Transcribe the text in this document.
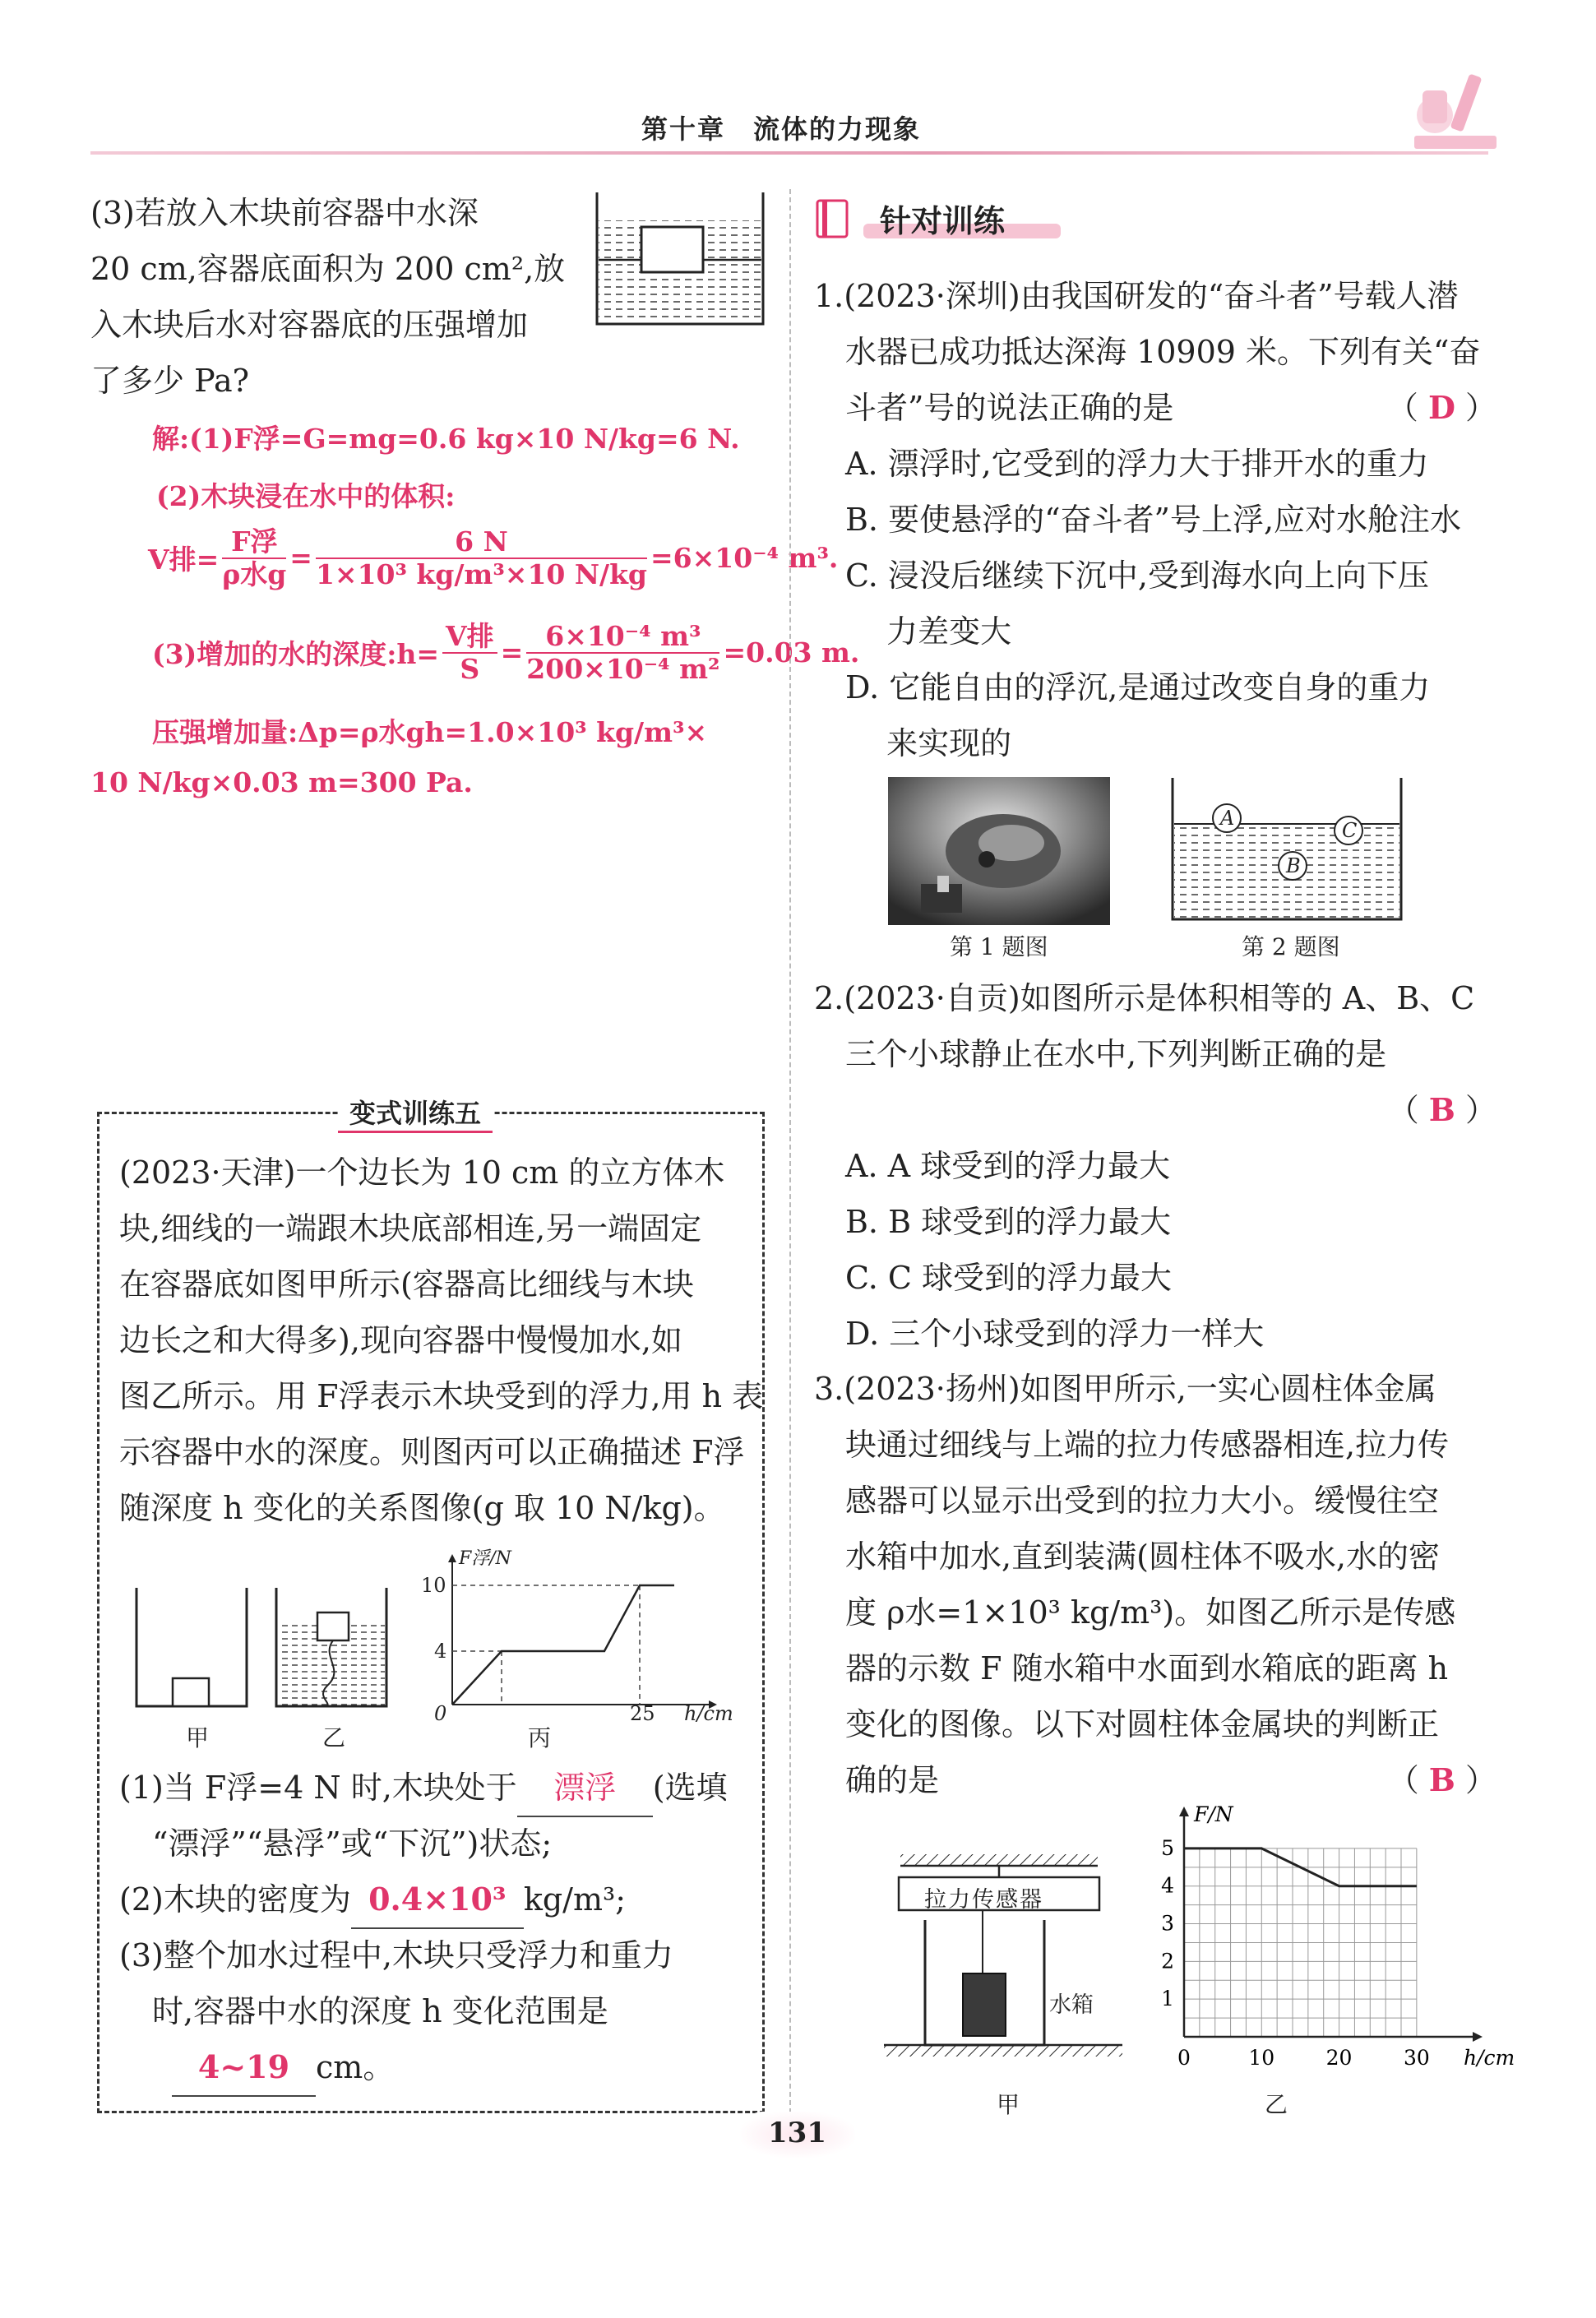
第十章　流体的力现象
(3)若放入木块前容器中水深
20 cm,容器底面积为 200 cm²,放
入木块后水对容器底的压强增加
了多少 Pa?
解:(1)F浮=G=mg=0.6 kg×10 N/kg=6 N.
(2)木块浸在水中的体积:
V排= $\frac{\text{F浮}}{\text{ρ水g}} = \frac{6 N}{\text{1×10³ kg/m³×10 N/kg}} =6\times 10^{-4}$ m³.
(3)增加的水的深度:h= $\frac{\text{V排}}{S} = \frac{\text{6×10⁻⁴ m³}}{\text{200×10⁻⁴ m²}} =0.03$ m.
压强增加量:Δp=ρ水gh=1.0×10³ kg/m³×
10 N/kg×0.03 m=300 Pa.
变式训练五
(2023·天津)一个边长为 10 cm 的立方体木
块,细线的一端跟木块底部相连,另一端固定
在容器底如图甲所示(容器高比细线与木块
边长之和大得多),现向容器中慢慢加水,如
图乙所示。用 F浮表示木块受到的浮力,用 h 表
示容器中水的深度。则图丙可以正确描述 F浮
随深度 h 变化的关系图像(g 取 10 N/kg)。
甲	乙
F浮/N
10
4
0	25 h/cm
丙
(1)当 F浮=4 N 时,木块处于 漂浮 (选填
“漂浮”“悬浮”或“下沉”)状态;
(2)木块的密度为 0.4×10³ kg/m³;
(3)整个加水过程中,木块只受浮力和重力
时,容器中水的深度 h 变化范围是
4~19 cm。
针对训练
1.(2023·深圳)由我国研发的“奋斗者”号载人潜
水器已成功抵达深海 10909 米。下列有关“奋
斗者”号的说法正确的是	（ D ）
A. 漂浮时,它受到的浮力大于排开水的重力
B. 要使悬浮的“奋斗者”号上浮,应对水舱注水
C. 浸没后继续下沉中,受到海水向上向下压
　 力差变大
D. 它能自由的浮沉,是通过改变自身的重力
　 来实现的
第 1 题图
A
B
C
第 2 题图
2.(2023·自贡)如图所示是体积相等的 A、B、C
三个小球静止在水中,下列判断正确的是
（ B ）
A. A 球受到的浮力最大
B. B 球受到的浮力最大
C. C 球受到的浮力最大
D. 三个小球受到的浮力一样大
3.(2023·扬州)如图甲所示,一实心圆柱体金属
块通过细线与上端的拉力传感器相连,拉力传
感器可以显示出受到的拉力大小。缓慢往空
水箱中加水,直到装满(圆柱体不吸水,水的密
度 ρ水=1×10³ kg/m³)。如图乙所示是传感
器的示数 F 随水箱中水面到水箱底的距离 h
变化的图像。以下对圆柱体金属块的判断正
确的是	（ B ）
拉力传感器
水箱
甲
0	10 20 30
1
2
3
4
5
h/cm
F/N
乙
131
